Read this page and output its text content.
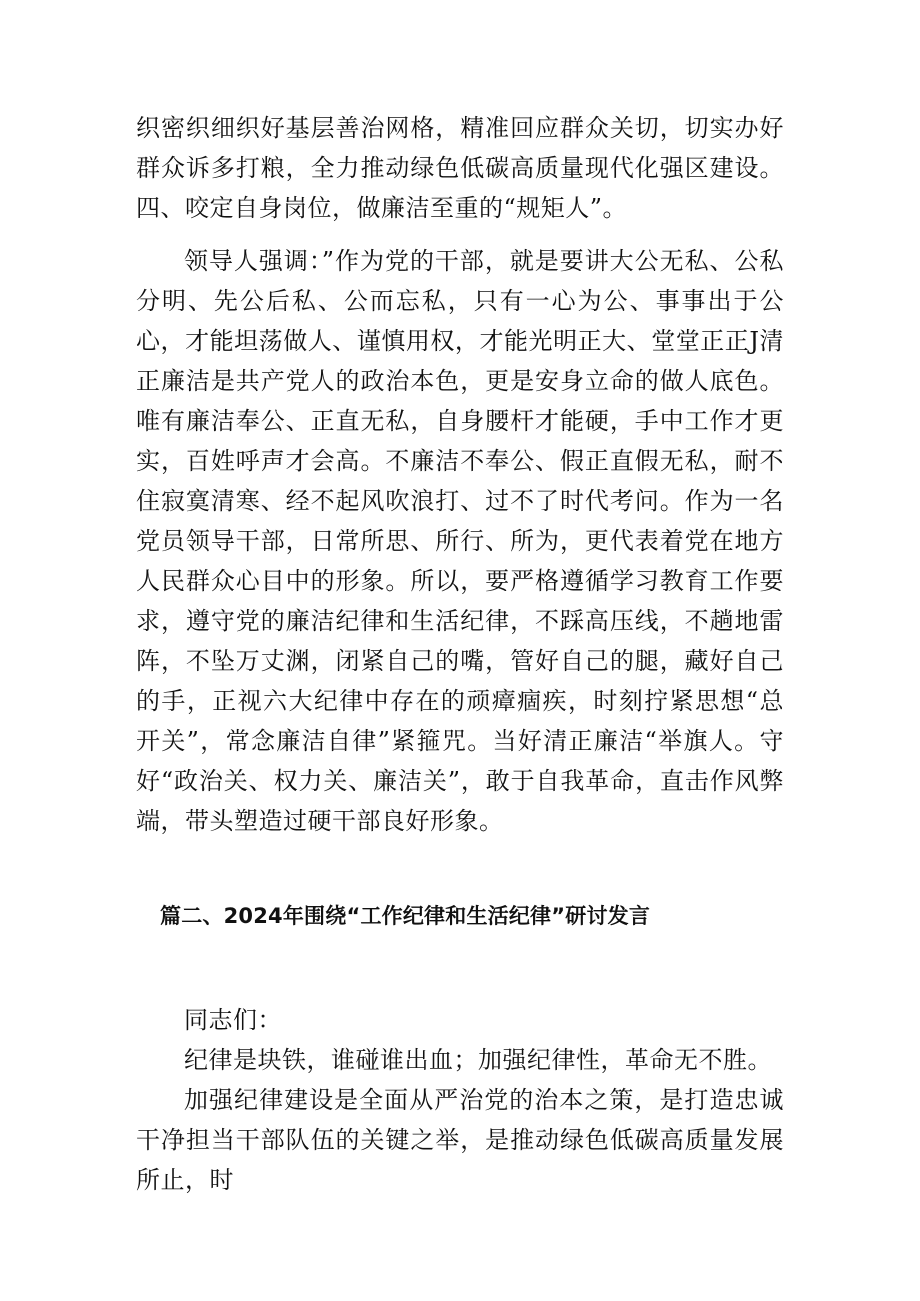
织密织细织好基层善治网格，精准回应群众关切，切实办好群众诉多打粮，全力推动绿色低碳高质量现代化强区建设。四、咬定自身岗位，做廉洁至重的“规矩人”。

领导人强调：”作为党的干部，就是要讲大公无私、公私分明、先公后私、公而忘私，只有一心为公、事事出于公心，才能坦荡做人、谨慎用权，才能光明正大、堂堂正正J清正廉洁是共产党人的政治本色，更是安身立命的做人底色。唯有廉洁奉公、正直无私，自身腰杆才能硬，手中工作才更实，百姓呼声才会高。不廉洁不奉公、假正直假无私，耐不住寂寞清寒、经不起风吹浪打、过不了时代考问。作为一名党员领导干部，日常所思、所行、所为，更代表着党在地方人民群众心目中的形象。所以，要严格遵循学习教育工作要求，遵守党的廉洁纪律和生活纪律，不踩高压线，不趟地雷阵，不坠万丈渊，闭紧自己的嘴，管好自己的腿，藏好自己的手，正视六大纪律中存在的顽瘴痼疾，时刻拧紧思想“总开关”，常念廉洁自律”紧箍咒。当好清正廉洁“举旗人。守好“政治关、权力关、廉洁关”，敢于自我革命，直击作风弊端，带头塑造过硬干部良好形象。

篇二、2024年围绕“工作纪律和生活纪律”研讨发言

同志们：

纪律是块铁，谁碰谁出血；加强纪律性，革命无不胜。

加强纪律建设是全面从严治党的治本之策，是打造忠诚干净担当干部队伍的关键之举，是推动绿色低碳高质量发展所止，时
